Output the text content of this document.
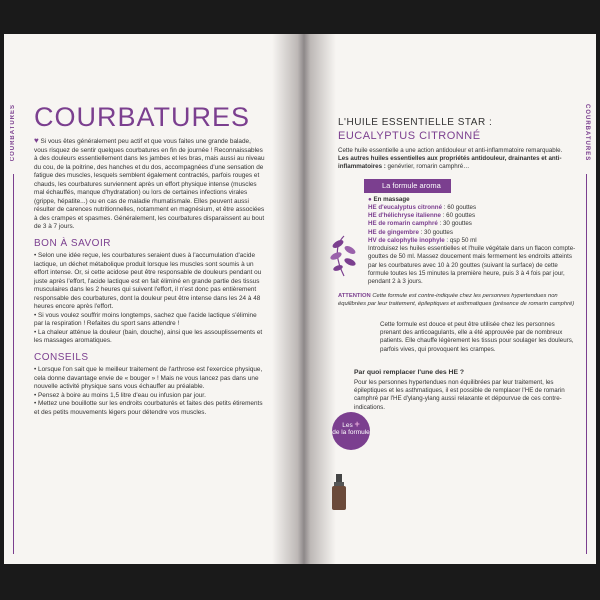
COURBATURES	COURBATURES
COURBATURES

♥ Si vous êtes généralement peu actif et que vous faites une grande balade, vous risquez de sentir quelques courbatures en fin de journée ! Reconnaissables à des douleurs essentiellement dans les jambes et les bras, mais aussi au niveau du cou, de la poitrine, des hanches et du dos, accompagnées d'une sensation de fatigue des muscles, lesquels semblent également contractés, parfois rouges et chauds, les courbatures surviennent après un effort physique intense (muscles mal échauffés, manque d'hydratation) ou lors de certaines infections virales (grippe, hépatite...) ou en cas de maladie rhumatismale. Elles peuvent aussi résulter de carences nutritionnelles, notamment en magnésium, et être associées à des crampes et spasmes. Généralement, les courbatures disparaissent au bout de 3 à 7 jours.

BON À SAVOIR

• Selon une idée reçue, les courbatures seraient dues à l'accumulation d'acide lactique, un déchet métabolique produit lorsque les muscles sont soumis à un effort intense. Or, si cette acidose peut être responsable de douleurs pendant ou juste après l'effort, l'acide lactique est en fait éliminé en grande partie des tissus musculaires dans les 2 heures qui suivent l'effort, il n'est donc pas entièrement responsable des courbatures, dont la douleur peut être intense dans les 24 à 48 heures encore après l'effort.

• Si vous voulez souffrir moins longtemps, sachez que l'acide lactique s'élimine par la respiration ! Refaites du sport sans attendre !

• La chaleur atténue la douleur (bain, douche), ainsi que les assouplissements et les massages aromatiques.

CONSEILS

• Lorsque l'on sait que le meilleur traitement de l'arthrose est l'exercice physique, cela donne davantage envie de « bouger » ! Mais ne vous lancez pas dans une nouvelle activité physique sans vous échauffer au préalable.

• Pensez à boire au moins 1,5 litre d'eau ou infusion par jour.

• Mettez une bouillotte sur les endroits courbaturés et faites des petits étirements et des petits mouvements légers pour détendre vos muscles.

L'HUILE ESSENTIELLE STAR :
EUCALYPTUS CITRONNÉ

Cette huile essentielle a une action antidouleur et anti-inflammatoire remarquable.

Les autres huiles essentielles aux propriétés antidouleur, drainantes et anti-inflammatoires : genévrier, romarin camphré…

La formule aroma

● En massage

HE d'eucalyptus citronné : 60 gouttes

HE d'hélichryse italienne : 60 gouttes

HE de romarin camphré : 30 gouttes

HE de gingembre : 30 gouttes

HV de calophylle inophyle : qsp 50 ml

Introduisez les huiles essentielles et l'huile végétale dans un flacon compte-gouttes de 50 ml. Massez doucement mais fermement les endroits atteints par les courbatures avec 10 à 20 gouttes (suivant la surface) de cette formule toutes les 15 minutes la première heure, puis 3 à 4 fois par jour, pendant 2 à 3 jours.

ATTENTION Cette formule est contre-indiquée chez les personnes hypertendues non équilibrées par leur traitement, épileptiques et asthmatiques (présence de romarin camphré)

Les +
de la formule

Cette formule est douce et peut être utilisée chez les personnes prenant des anticoagulants, elle a été approuvée par de nombreux patients. Elle chauffe légèrement les tissus pour soulager les douleurs, parfois vives, qui provoquent les crampes.

Par quoi remplacer l'une des HE ?

Pour les personnes hypertendues non équilibrées par leur traitement, les épileptiques et les asthmatiques, il est possible de remplacer l'HE de romarin camphré par l'HE d'ylang-ylang aussi relaxante et dépourvue de ces contre-indications.
